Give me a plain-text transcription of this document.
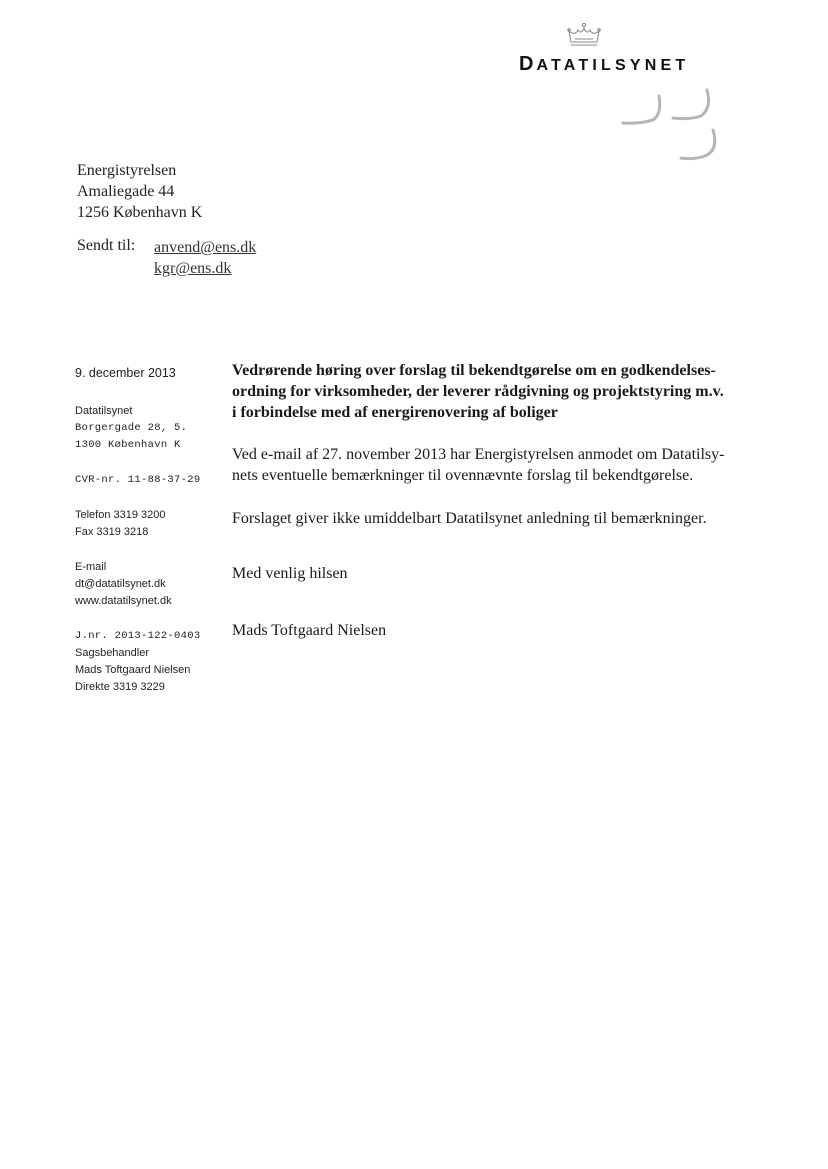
DATATILSYNET
Energistyrelsen
Amaliegade 44
1256 København K
Sendt til: anvend@ens.dk
kgr@ens.dk
9. december 2013
Datatilsynet
Borgergade 28, 5.
1300 København K
CVR-nr. 11-88-37-29
Telefon 3319 3200
Fax 3319 3218
E-mail
dt@datatilsynet.dk
www.datatilsynet.dk
J.nr. 2013-122-0403
Sagsbehandler
Mads Toftgaard Nielsen
Direkte 3319 3229
Vedrørende høring over forslag til bekendtgørelse om en godkendelses-
ordning for virksomheder, der leverer rådgivning og projektstyring m.v.
i forbindelse med af energirenovering af boliger
Ved e-mail af 27. november 2013 har Energistyrelsen anmodet om Datatilsy-
nets eventuelle bemærkninger til ovennævnte forslag til bekendtgørelse.
Forslaget giver ikke umiddelbart Datatilsynet anledning til bemærkninger.
Med venlig hilsen
Mads Toftgaard Nielsen
